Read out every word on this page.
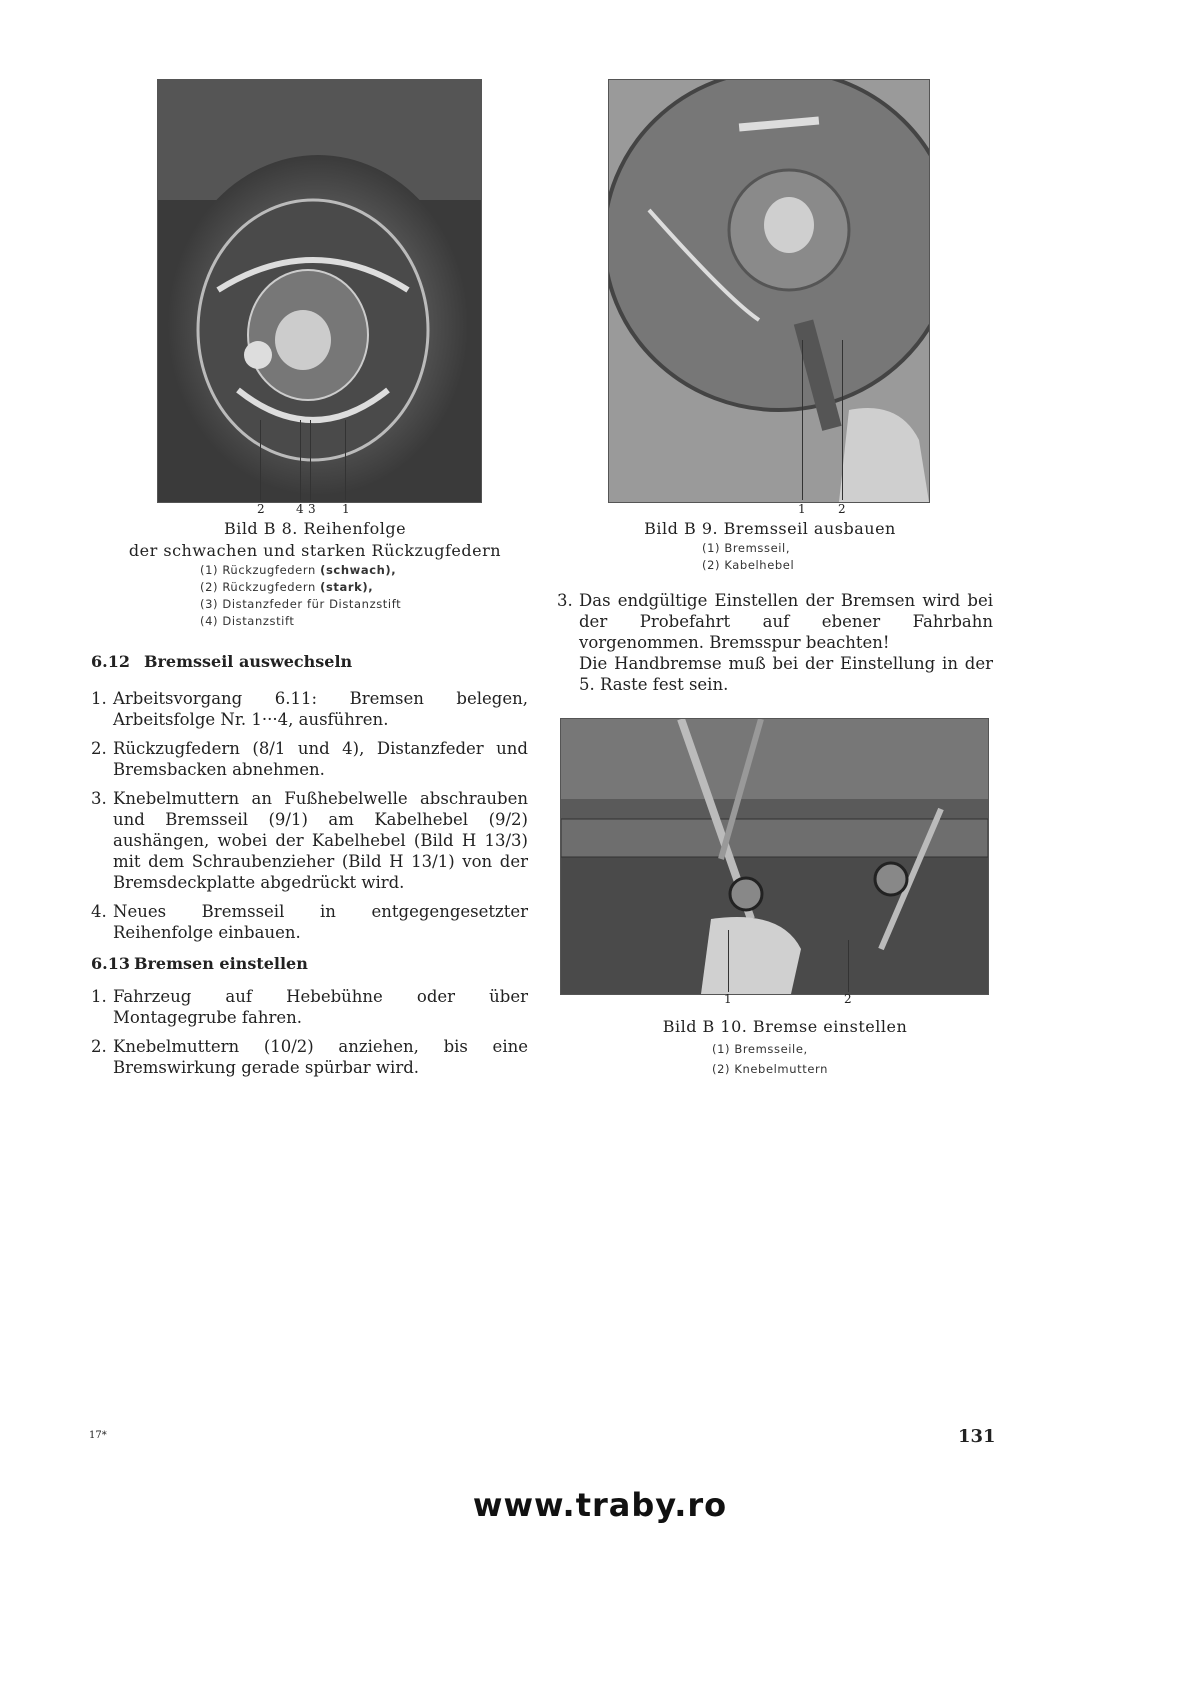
2	4 3 1
Bild B 8. Reihenfolge
der schwachen und starken Rückzugfedern
(1) Rückzugfedern (schwach),
(2) Rückzugfedern (stark),
(3) Distanzfeder für Distanzstift
(4) Distanzstift
1	2
Bild B 9. Bremsseil ausbauen
(1) Bremsseil,
(2) Kabelhebel
6.12 Bremsseil auswechseln
1. Arbeitsvorgang 6.11: Bremsen belegen, Arbeitsfolge Nr. 1···4, ausführen.
2. Rückzugfedern (8/1 und 4), Distanzfeder und Bremsbacken abnehmen.
3. Knebelmuttern an Fußhebelwelle abschrauben und Bremsseil (9/1) am Kabelhebel (9/2) aushängen, wobei der Kabelhebel (Bild H 13/3) mit dem Schraubenzieher (Bild H 13/1) von der Bremsdeckplatte abgedrückt wird.
4. Neues Bremsseil in entgegengesetzter Reihenfolge einbauen.
6.13 Bremsen einstellen
1. Fahrzeug auf Hebebühne oder über Montagegrube fahren.
2. Knebelmuttern (10/2) anziehen, bis eine Bremswirkung gerade spürbar wird.
3. Das endgültige Einstellen der Bremsen wird bei der Probefahrt auf ebener Fahrbahn vorgenommen. Bremsspur beachten!
Die Handbremse muß bei der Einstellung in der 5. Raste fest sein.
1	2
Bild B 10. Bremse einstellen
(1) Bremsseile,
(2) Knebelmuttern
17*	131
www.traby.ro
